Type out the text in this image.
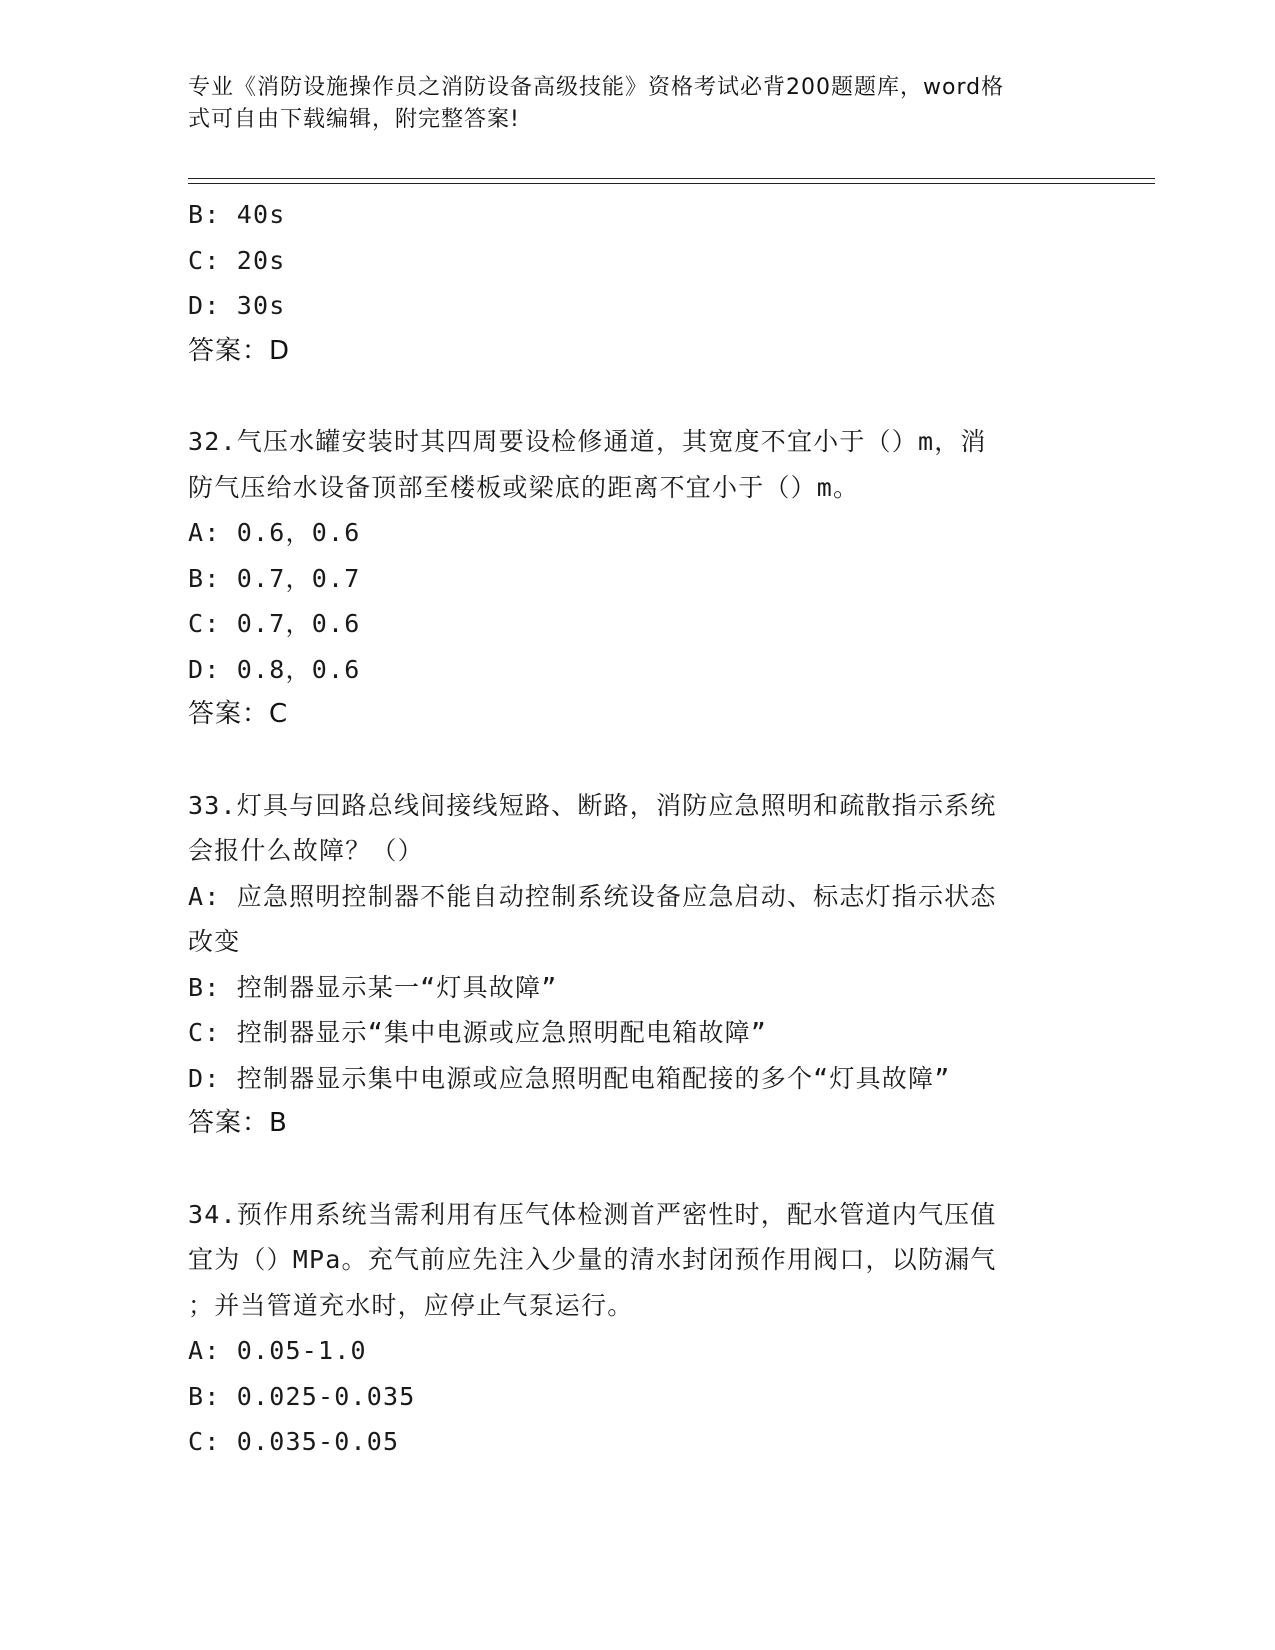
专业《消防设施操作员之消防设备高级技能》资格考试必背200题题库，word格
式可自由下载编辑，附完整答案!
B: 40s
C: 20s
D: 30s
答案：D
32.气压水罐安装时其四周要设检修通道，其宽度不宜小于（）m，消
防气压给水设备顶部至楼板或梁底的距离不宜小于（）m。
A: 0.6，0.6
B: 0.7，0.7
C: 0.7，0.6
D: 0.8，0.6
答案：C
33.灯具与回路总线间接线短路、断路，消防应急照明和疏散指示系统
会报什么故障？（）
A: 应急照明控制器不能自动控制系统设备应急启动、标志灯指示状态
改变
B: 控制器显示某一“灯具故障”
C: 控制器显示“集中电源或应急照明配电箱故障”
D: 控制器显示集中电源或应急照明配电箱配接的多个“灯具故障”
答案：B
34.预作用系统当需利用有压气体检测首严密性时，配水管道内气压值
宜为（）MPa。充气前应先注入少量的清水封闭预作用阀口，以防漏气
；并当管道充水时，应停止气泵运行。
A: 0.05-1.0
B: 0.025-0.035
C: 0.035-0.05
